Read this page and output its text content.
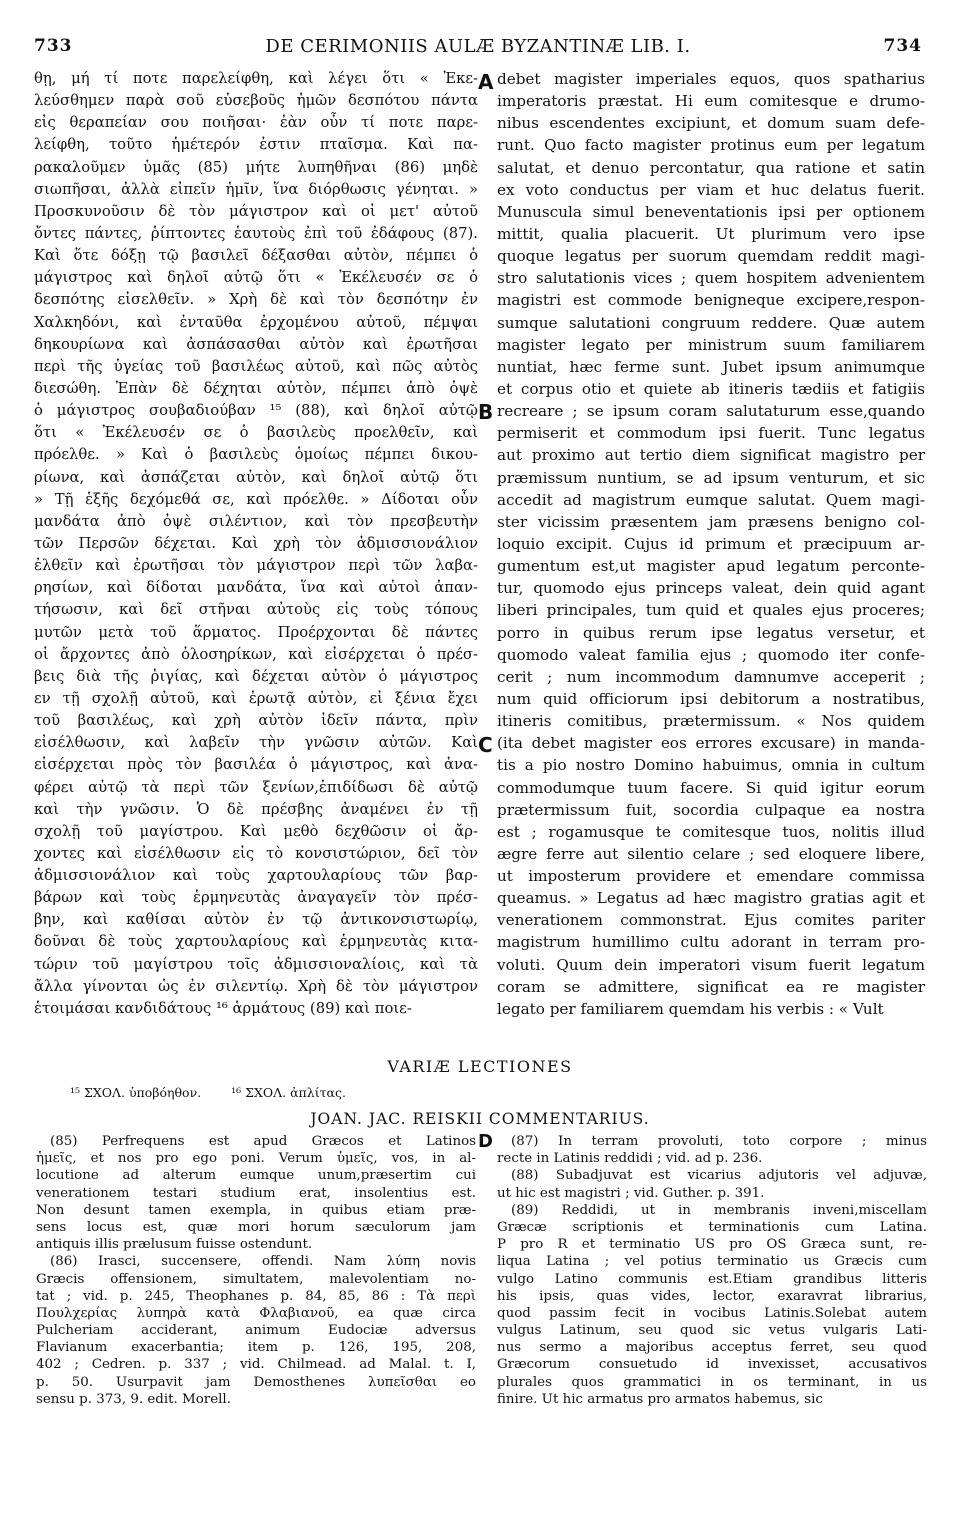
733	DE CERIMONIIS AULÆ BYZANTINÆ LIB. I.	734
θῃ, μή τί ποτε παρελείφθη, καὶ λέγει ὅτι « Ἐκε-
λεύσθημεν παρὰ σοῦ εὐσεβοῦς ἡμῶν δεσπότου πάντα
εἰς θεραπείαν σου ποιῆσαι· ἐὰν οὖν τί ποτε παρε-
λείφθη, τοῦτο ἡμέτερόν ἐστιν πταῖσμα. Καὶ πα-
ρακαλοῦμεν ὑμᾶς (85) μήτε λυπηθῆναι (86) μηδὲ
σιωπῆσαι, ἀλλὰ εἰπεῖν ἡμῖν, ἵνα διόρθωσις γένηται. »
Προσκυνοῦσιν δὲ τὸν μάγιστρον καὶ οἱ μετ' αὐτοῦ
ὄντες πάντες, ῥίπτοντες ἑαυτοὺς ἐπὶ τοῦ ἐδάφους (87).
Καὶ ὅτε δόξῃ τῷ βασιλεῖ δέξασθαι αὐτὸν, πέμπει ὁ
μάγιστρος καὶ δηλοῖ αὐτῷ ὅτι « Ἐκέλευσέν σε ὁ
δεσπότης εἰσελθεῖν. » Χρὴ δὲ καὶ τὸν δεσπότην ἐν
Χαλκηδόνι, καὶ ἐνταῦθα ἐρχομένου αὐτοῦ, πέμψαι
δηκουρίωνα καὶ ἀσπάσασθαι αὐτὸν καὶ ἐρωτῆσαι
περὶ τῆς ὑγείας τοῦ βασιλέως αὐτοῦ, καὶ πῶς αὐτὸς
διεσώθη. Ἐπὰν δὲ δέχηται αὐτὸν, πέμπει ἀπὸ ὀψὲ
ὁ μάγιστρος σουβαδιούβαν ¹⁵ (88), καὶ δηλοῖ αὐτῷ
ὅτι « Ἐκέλευσέν σε ὁ βασιλεὺς προελθεῖν, καὶ
πρόελθε. » Καὶ ὁ βασιλεὺς ὁμοίως πέμπει δικου-
ρίωνα, καὶ ἀσπάζεται αὐτὸν, καὶ δηλοῖ αὐτῷ ὅτι
» Τῇ ἑξῆς δεχόμεθά σε, καὶ πρόελθε. » Δίδοται οὖν
μανδάτα ἀπὸ ὀψὲ σιλέντιον, καὶ τὸν πρεσβευτὴν
τῶν Περσῶν δέχεται. Καὶ χρὴ τὸν ἀδμισσιονάλιον
ἐλθεῖν καὶ ἐρωτῆσαι τὸν μάγιστρον περὶ τῶν λαβα-
ρησίων, καὶ δίδοται μανδάτα, ἵνα καὶ αὐτοὶ ἀπαν-
τήσωσιν, καὶ δεῖ στῆναι αὐτοὺς εἰς τοὺς τόπους
μυτῶν μετὰ τοῦ ἅρματος. Προέρχονται δὲ πάντες
οἱ ἄρχοντες ἀπὸ ὁλοσηρίκων, καὶ εἰσέρχεται ὁ πρέσ-
βεις διὰ τῆς ῥιγίας, καὶ δέχεται αὐτὸν ὁ μάγιστρος
εν τῇ σχολῇ αὐτοῦ, καὶ ἐρωτᾷ αὐτὸν, εἰ ξένια ἔχει
τοῦ βασιλέως, καὶ χρὴ αὐτὸν ἰδεῖν πάντα, πρὶν
εἰσέλθωσιν, καὶ λαβεῖν τὴν γνῶσιν αὐτῶν. Καὶ
εἰσέρχεται πρὸς τὸν βασιλέα ὁ μάγιστρος, καὶ ἀνα-
φέρει αὐτῷ τὰ περὶ τῶν ξενίων,ἐπιδίδωσι δὲ αὐτῷ
καὶ τὴν γνῶσιν. Ὁ δὲ πρέσβης ἀναμένει ἐν τῇ
σχολῇ τοῦ μαγίστρου. Καὶ μεθὸ δεχθῶσιν οἱ ἄρ-
χοντες καὶ εἰσέλθωσιν εἰς τὸ κονσιστώριον, δεῖ τὸν
ἀδμισσιονάλιον καὶ τοὺς χαρτουλαρίους τῶν βαρ-
βάρων καὶ τοὺς ἑρμηνευτὰς ἀναγαγεῖν τὸν πρέσ-
βην, καὶ καθίσαι αὐτὸν ἐν τῷ ἀντικονσιστωρίῳ,
δοῦναι δὲ τοὺς χαρτουλαρίους καὶ ἑρμηνευτὰς κιτα-
τώριν τοῦ μαγίστρου τοῖς ἀδμισσιοναλίοις, καὶ τὰ
ἄλλα γίνονται ὡς ἐν σιλεντίῳ. Χρὴ δὲ τὸν μάγιστρον
ἑτοιμάσαι κανδιδάτους ¹⁶ ἁρμάτους (89) καὶ ποιε-
debet magister imperiales equos, quos spatharius
imperatoris præstat. Hi eum comitesque e drumo-
nibus escendentes excipiunt, et domum suam defe-
runt. Quo facto magister protinus eum per legatum
salutat, et denuo percontatur, qua ratione et satin
ex voto conductus per viam et huc delatus fuerit.
Munuscula simul beneventationis ipsi per optionem
mittit, qualia placuerit. Ut plurimum vero ipse
quoque legatus per suorum quemdam reddit magi-
stro salutationis vices ; quem hospitem advenientem
magistri est commode benigneque excipere,respon-
sumque salutationi congruum reddere. Quæ autem
magister legato per ministrum suum familiarem
nuntiat, hæc ferme sunt. Jubet ipsum animumque
et corpus otio et quiete ab itineris tædiis et fatigiis
recreare ; se ipsum coram salutaturum esse,quando
permiserit et commodum ipsi fuerit. Tunc legatus
aut proximo aut tertio diem significat magistro per
præmissum nuntium, se ad ipsum venturum, et sic
accedit ad magistrum eumque salutat. Quem magi-
ster vicissim præsentem jam præsens benigno col-
loquio excipit. Cujus id primum et præcipuum ar-
gumentum est,ut magister apud legatum perconte-
tur, quomodo ejus princeps valeat, dein quid agant
liberi principales, tum quid et quales ejus proceres;
porro in quibus rerum ipse legatus versetur, et
quomodo valeat familia ejus ; quomodo iter confe-
cerit ; num incommodum damnumve acceperit ;
num quid officiorum ipsi debitorum a nostratibus,
itineris comitibus, prætermissum. « Nos quidem
(ita debet magister eos errores excusare) in manda-
tis a pio nostro Domino habuimus, omnia in cultum
commodumque tuum facere. Si quid igitur eorum
prætermissum fuit, socordia culpaque ea nostra
est ; rogamusque te comitesque tuos, nolitis illud
ægre ferre aut silentio celare ; sed eloquere libere,
ut imposterum providere et emendare commissa
queamus. » Legatus ad hæc magistro gratias agit et
venerationem commonstrat. Ejus comites pariter
magistrum humillimo cultu adorant in terram pro-
voluti. Quum dein imperatori visum fuerit legatum
coram se admittere, significat ea re magister
legato per familiarem quemdam his verbis : « Vult
A
B
C
D
VARIÆ LECTIONES
¹⁵ ΣΧΟΛ. ὑποβόηθον. ¹⁶ ΣΧΟΛ. ἀπλίτας.
JOAN. JAC. REISKII COMMENTARIUS.
(85) Perfrequens est apud Græcos et Latinos
ἡμεῖς, et nos pro ego poni. Verum ὑμεῖς, vos, in al-
locutione ad alterum eumque unum,præsertim cui
venerationem testari studium erat, insolentius est.
Non desunt tamen exempla, in quibus etiam præ-
sens locus est, quæ mori horum sæculorum jam
antiquis illis prælusum fuisse ostendunt.
(86) Irasci, succensere, offendi. Nam λύπη novis
Græcis offensionem, simultatem, malevolentiam no-
tat ; vid. p. 245, Theophanes p. 84, 85, 86 : Τὰ περὶ
Πουλχερίας λυπηρὰ κατὰ Φλαβιανοῦ, ea quæ circa
Pulcheriam acciderant, animum Eudociæ adversus
Flavianum exacerbantia; item p. 126, 195, 208,
402 ; Cedren. p. 337 ; vid. Chilmead. ad Malal. t. I,
p. 50. Usurpavit jam Demosthenes λυπεῖσθαι eo
sensu p. 373, 9. edit. Morell.
(87) In terram provoluti, toto corpore ; minus
recte in Latinis reddidi ; vid. ad p. 236.
(88) Subadjuvat est vicarius adjutoris vel adjuvæ,
ut hic est magistri ; vid. Guther. p. 391.
(89) Reddidi, ut in membranis inveni,miscellam
Græcæ scriptionis et terminationis cum Latina.
P pro R et terminatio US pro OS Græca sunt, re-
liqua Latina ; vel potius terminatio us Græcis cum
vulgo Latino communis est.Etiam grandibus litteris
his ipsis, quas vides, lector, exaravrat librarius,
quod passim fecit in vocibus Latinis.Solebat autem
vulgus Latinum, seu quod sic vetus vulgaris Lati-
nus sermo a majoribus acceptus ferret, seu quod
Græcorum consuetudo id invexisset, accusativos
plurales quos grammatici in os terminant, in us
finire. Ut hic armatus pro armatos habemus, sic
